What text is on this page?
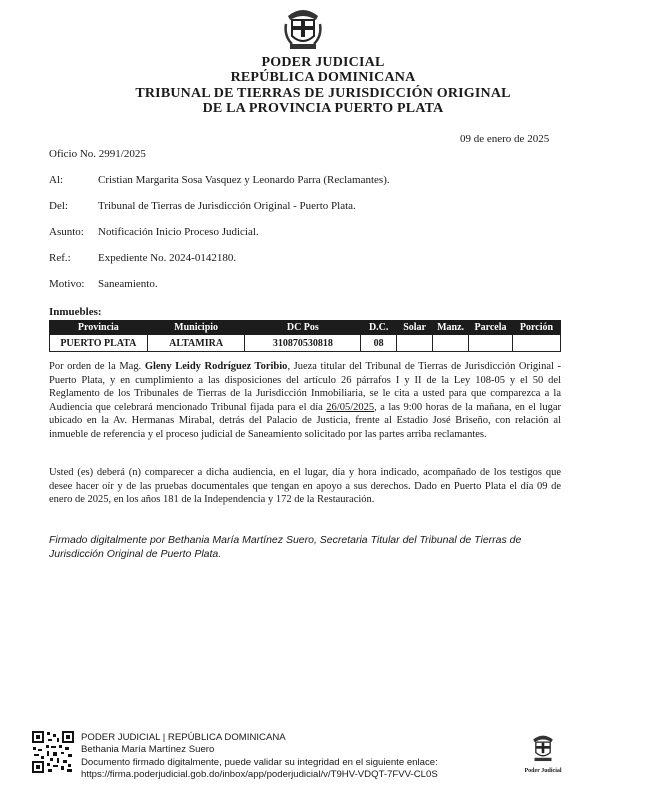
PODER JUDICIAL
REPÚBLICA DOMINICANA
TRIBUNAL DE TIERRAS DE JURISDICCIÓN ORIGINAL
DE LA PROVINCIA PUERTO PLATA
09 de enero de 2025
Oficio No. 2991/2025
Al:	Cristian Margarita Sosa Vasquez y Leonardo Parra (Reclamantes).
Del:	Tribunal de Tierras de Jurisdicción Original - Puerto Plata.
Asunto: Notificación Inicio Proceso Judicial.
Ref.: Expediente No. 2024-0142180.
Motivo: Saneamiento.
Inmuebles:
Provincia	Municipio	DC Pos	D.C.	Solar	Manz.	Parcela	Porción
PUERTO PLATA	ALTAMIRA	310870530818	08				
Por orden de la Mag. Gleny Leidy Rodríguez Toribio, Jueza titular del Tribunal de Tierras de Jurisdicción Original - Puerto Plata, y en cumplimiento a las disposiciones del artículo 26 párrafos I y II de la Ley 108-05 y el 50 del Reglamento de los Tribunales de Tierras de la Jurisdicción Inmobiliaria, se le cita a usted para que comparezca a la Audiencia que celebrará mencionado Tribunal fijada para el día 26/05/2025, a las 9:00 horas de la mañana, en el lugar ubicado en la Av. Hermanas Mirabal, detrás del Palacio de Justicia, frente al Estadio José Briseño, con relación al inmueble de referencia y el proceso judicial de Saneamiento solicitado por las partes arriba reclamantes.
Usted (es) deberá (n) comparecer a dicha audiencia, en el lugar, día y hora indicado, acompañado de los testigos que desee hacer oír y de las pruebas documentales que tengan en apoyo a sus derechos. Dado en Puerto Plata el día 09 de enero de 2025, en los años 181 de la Independencia y 172 de la Restauración.
Firmado digitalmente por Bethania María Martínez Suero, Secretaria Titular del Tribunal de Tierras de Jurisdicción Original de Puerto Plata.
PODER JUDICIAL | REPÚBLICA DOMINICANA
Bethania María Martínez Suero
Documento firmado digitalmente, puede validar su integridad en el siguiente enlace:
https://firma.poderjudicial.gob.do/inbox/app/poderjudicial/v/T9HV-VDQT-7FVV-CL0S	Poder Judicial
